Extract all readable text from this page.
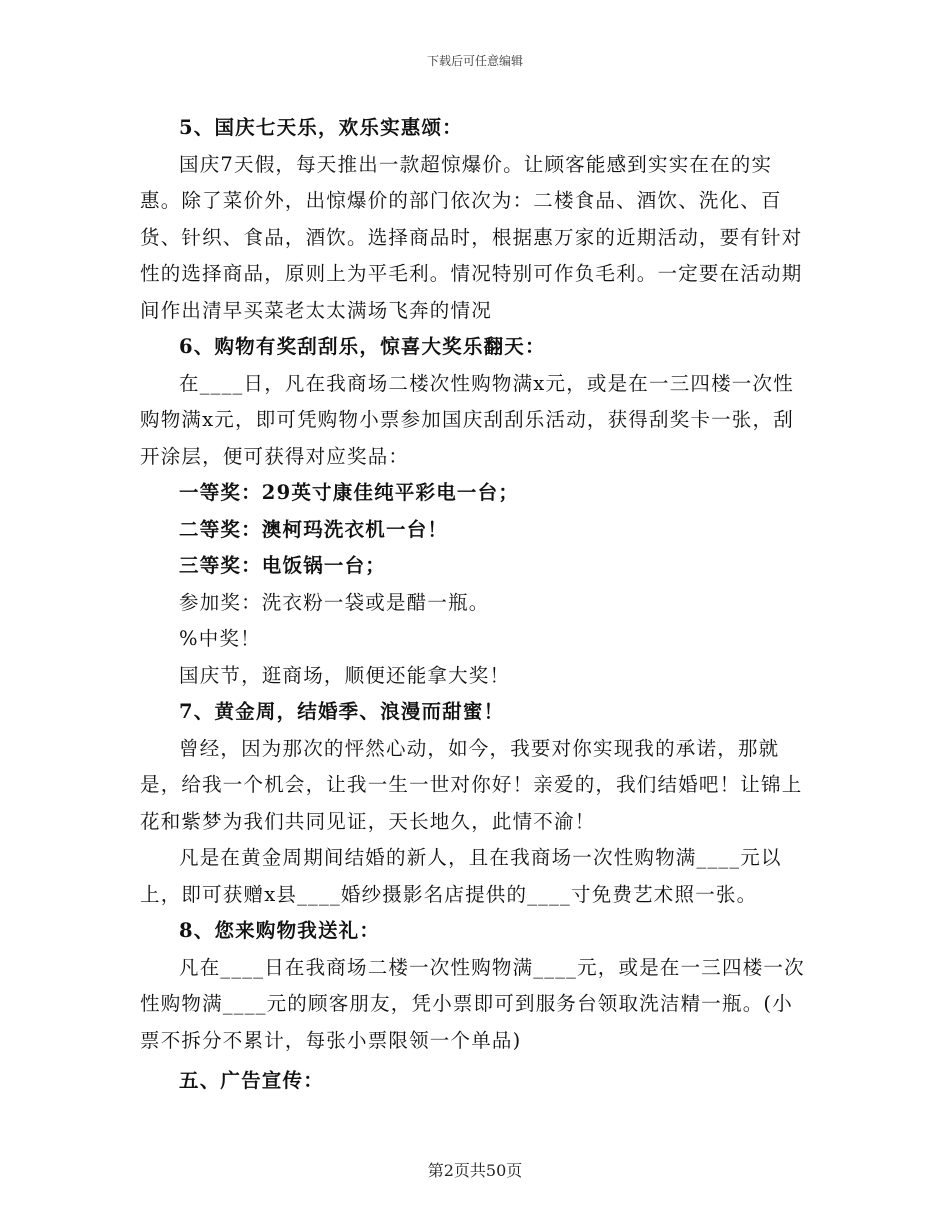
下载后可任意编辑

5、国庆七天乐，欢乐实惠颂：

国庆7天假，每天推出一款超惊爆价。让顾客能感到实实在在的实惠。除了菜价外，出惊爆价的部门依次为：二楼食品、酒饮、洗化、百货、针织、食品，酒饮。选择商品时，根据惠万家的近期活动，要有针对性的选择商品，原则上为平毛利。情况特别可作负毛利。一定要在活动期间作出清早买菜老太太满场飞奔的情况

6、购物有奖刮刮乐，惊喜大奖乐翻天：

在____日，凡在我商场二楼次性购物满x元，或是在一三四楼一次性购物满x元，即可凭购物小票参加国庆刮刮乐活动，获得刮奖卡一张，刮开涂层，便可获得对应奖品：

一等奖：29英寸康佳纯平彩电一台；

二等奖：澳柯玛洗衣机一台！

三等奖：电饭锅一台；

参加奖：洗衣粉一袋或是醋一瓶。

%中奖！

国庆节，逛商场，顺便还能拿大奖！

7、黄金周，结婚季、浪漫而甜蜜！

曾经，因为那次的怦然心动，如今，我要对你实现我的承诺，那就是，给我一个机会，让我一生一世对你好！亲爱的，我们结婚吧！让锦上花和紫梦为我们共同见证，天长地久，此情不渝！

凡是在黄金周期间结婚的新人，且在我商场一次性购物满____元以上，即可获赠x县____婚纱摄影名店提供的____寸免费艺术照一张。

8、您来购物我送礼：

凡在____日在我商场二楼一次性购物满____元，或是在一三四楼一次性购物满____元的顾客朋友，凭小票即可到服务台领取洗洁精一瓶。(小票不拆分不累计，每张小票限领一个单品)

五、广告宣传：

第2页共50页
